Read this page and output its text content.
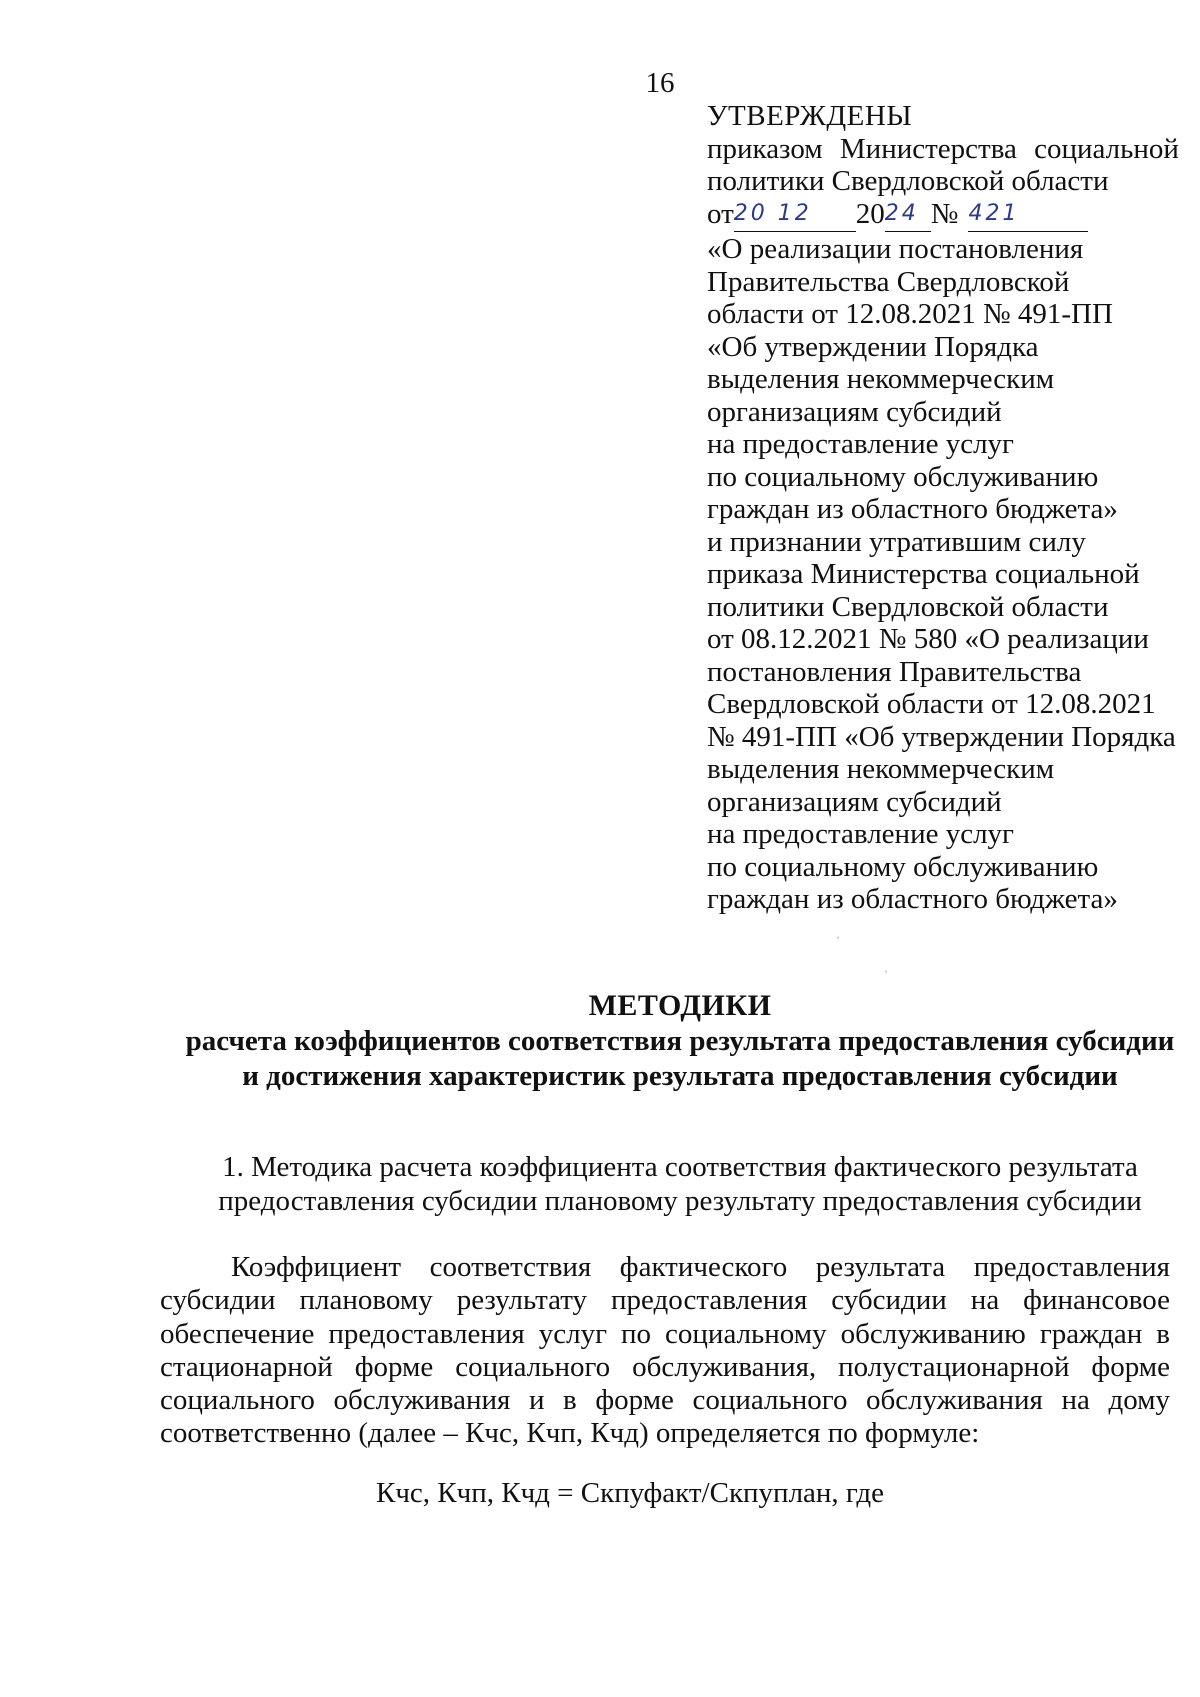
16
УТВЕРЖДЕНЫ
приказом Министерства социальной
политики Свердловской области
от20 12 2024 № 421
«О реализации постановления
Правительства Свердловской
области от 12.08.2021 № 491-ПП
«Об утверждении Порядка
выделения некоммерческим
организациям субсидий
на предоставление услуг
по социальному обслуживанию
граждан из областного бюджета»
и признании утратившим силу
приказа Министерства социальной
политики Свердловской области
от 08.12.2021 № 580 «О реализации
постановления Правительства
Свердловской области от 12.08.2021
№ 491-ПП «Об утверждении Порядка
выделения некоммерческим
организациям субсидий
на предоставление услуг
по социальному обслуживанию
граждан из областного бюджета»
ˈ
ˈ
МЕТОДИКИ
расчета коэффициентов соответствия результата предоставления субсидии
и достижения характеристик результата предоставления субсидии
1. Методика расчета коэффициента соответствия фактического результата
предоставления субсидии плановому результату предоставления субсидии

Коэффициент соответствия фактического результата предоставления субсидии плановому результату предоставления субсидии на финансовое обеспечение предоставления услуг по социальному обслуживанию граждан в стационарной форме социального обслуживания, полустационарной форме социального обслуживания и в форме социального обслуживания на дому соответственно (далее – Кчс, Кчп, Кчд) определяется по формуле:

Кчс, Кчп, Кчд = Скпуфакт/Скпуплан, где
